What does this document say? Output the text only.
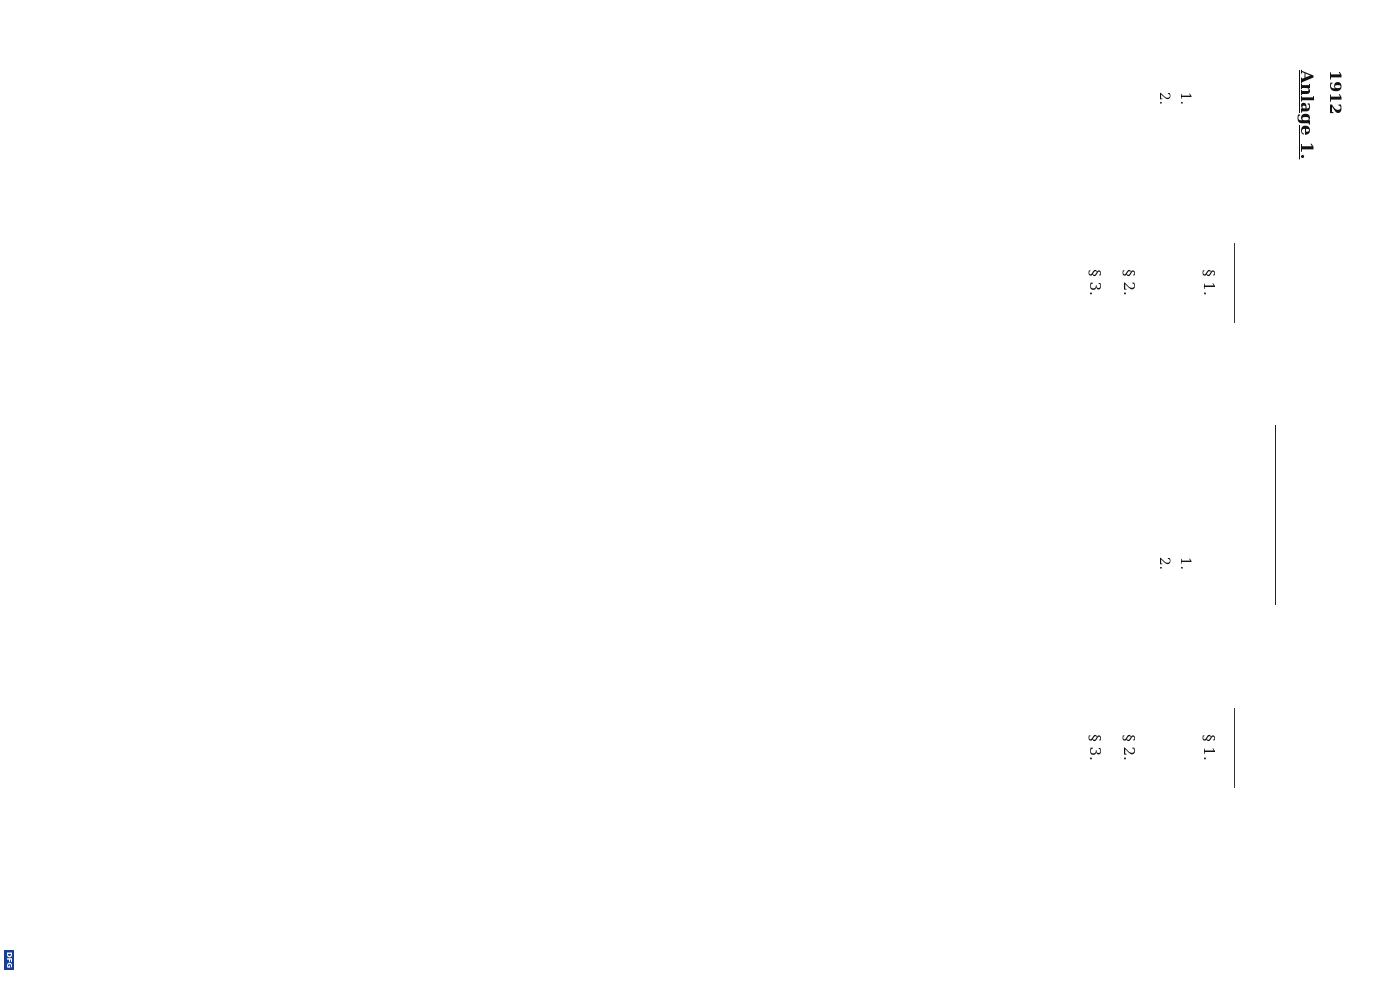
1912
Anlage 1.

§ 1.

1.
2.

§ 2.

§ 3.

§ 1.

1.
2.

§ 2.

§ 3.

DFG
